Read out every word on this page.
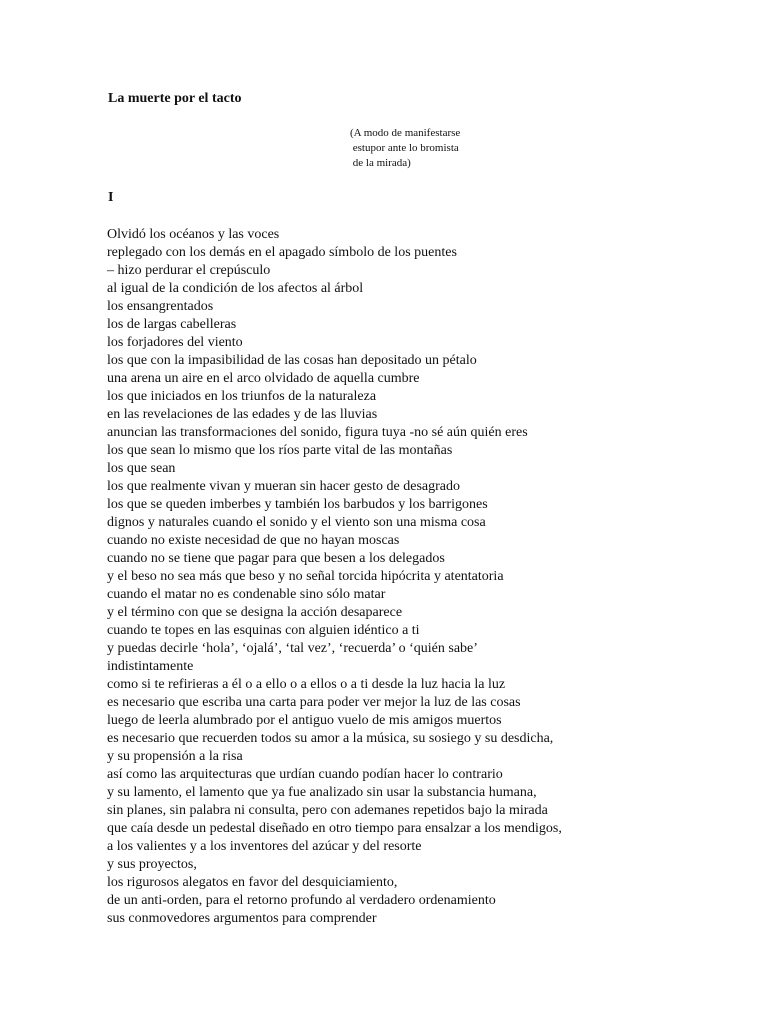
La muerte por el tacto
(A modo de manifestarse
estupor ante lo bromista
de la mirada)
I
Olvidó los océanos y las voces
replegado con los demás en el apagado símbolo de los puentes
– hizo perdurar el crepúsculo
al igual de la condición de los afectos al árbol
los ensangrentados
los de largas cabelleras
los forjadores del viento
los que con la impasibilidad de las cosas han depositado un pétalo
una arena un aire en el arco olvidado de aquella cumbre
los que iniciados en los triunfos de la naturaleza
en las revelaciones de las edades y de las lluvias
anuncian las transformaciones del sonido, figura tuya -no sé aún quién eres
los que sean lo mismo que los ríos parte vital de las montañas
los que sean
los que realmente vivan y mueran sin hacer gesto de desagrado
los que se queden imberbes y también los barbudos y los barrigones
dignos y naturales cuando el sonido y el viento son una misma cosa
cuando no existe necesidad de que no hayan moscas
cuando no se tiene que pagar para que besen a los delegados
y el beso no sea más que beso y no señal torcida hipócrita y atentatoria
cuando el matar no es condenable sino sólo matar
y el término con que se designa la acción desaparece
cuando te topes en las esquinas con alguien idéntico a ti
y puedas decirle ‘hola’, ‘ojalá’, ‘tal vez’, ‘recuerda’ o ‘quién sabe’
indistintamente
como si te refirieras a él o a ello o a ellos o a ti desde la luz hacia la luz
es necesario que escriba una carta para poder ver mejor la luz de las cosas
luego de leerla alumbrado por el antiguo vuelo de mis amigos muertos
es necesario que recuerden todos su amor a la música, su sosiego y su desdicha,
y su propensión a la risa
así como las arquitecturas que urdían cuando podían hacer lo contrario
y su lamento, el lamento que ya fue analizado sin usar la substancia humana,
sin planes, sin palabra ni consulta, pero con ademanes repetidos bajo la mirada
que caía desde un pedestal diseñado en otro tiempo para ensalzar a los mendigos,
a los valientes y a los inventores del azúcar y del resorte
y sus proyectos,
los rigurosos alegatos en favor del desquiciamiento,
de un anti-orden, para el retorno profundo al verdadero ordenamiento
sus conmovedores argumentos para comprender
